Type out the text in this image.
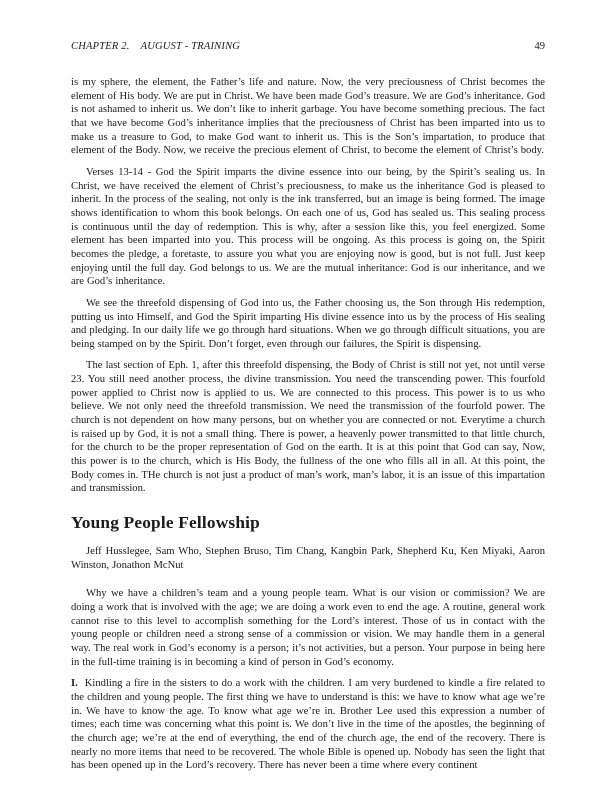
CHAPTER 2. AUGUST - TRAINING	49

is my sphere, the element, the Father’s life and nature. Now, the very preciousness of Christ becomes the element of His body. We are put in Christ. We have been made God’s treasure. We are God’s inheritance. God is not ashamed to inherit us. We don’t like to inherit garbage. You have become something precious. The fact that we have become God’s inheritance implies that the preciousness of Christ has been imparted into us to make us a treasure to God, to make God want to inherit us. This is the Son’s impartation, to produce that element of the Body. Now, we receive the precious element of Christ, to become the element of Christ’s body.

Verses 13-14 - God the Spirit imparts the divine essence into our being, by the Spirit’s sealing us. In Christ, we have received the element of Christ’s preciousness, to make us the inheritance God is pleased to inherit. In the process of the sealing, not only is the ink transferred, but an image is being formed. The image shows identification to whom this book belongs. On each one of us, God has sealed us. This sealing process is continuous until the day of redemption. This is why, after a session like this, you feel energized. Some element has been imparted into you. This process will be ongoing. As this process is going on, the Spirit becomes the pledge, a foretaste, to assure you what you are enjoying now is good, but is not full. Just keep enjoying until the full day. God belongs to us. We are the mutual inheritance: God is our inheritance, and we are God’s inheritance.

We see the threefold dispensing of God into us, the Father choosing us, the Son through His redemption, putting us into Himself, and God the Spirit imparting His divine essence into us by the process of His sealing and pledging. In our daily life we go through hard situations. When we go through difficult situations, you are being stamped on by the Spirit. Don’t forget, even through our failures, the Spirit is dispensing.

The last section of Eph. 1, after this threefold dispensing, the Body of Christ is still not yet, not until verse 23. You still need another process, the divine transmission. You need the transcending power. This fourfold power applied to Christ now is applied to us. We are connected to this process. This power is to us who believe. We not only need the threefold transmission. We need the transmission of the fourfold power. The church is not dependent on how many persons, but on whether you are connected or not. Everytime a church is raised up by God, it is not a small thing. There is power, a heavenly power transmitted to that little church, for the church to be the proper representation of God on the earth. It is at this point that God can say, Now, this power is to the church, which is His Body, the fullness of the one who fills all in all. At this point, the Body comes in. THe church is not just a product of man’s work, man’s labor, it is an issue of this impartation and transmission.

Young People Fellowship

Jeff Husslegee, Sam Who, Stephen Bruso, Tim Chang, Kangbin Park, Shepherd Ku, Ken Miyaki, Aaron Winston, Jonathon McNut

Why we have a children’s team and a young people team. What is our vision or commission? We are doing a work that is involved with the age; we are doing a work even to end the age. A routine, general work cannot rise to this level to accomplish something for the Lord’s interest. Those of us in contact with the young people or children need a strong sense of a commission or vision. We may handle them in a general way. The real work in God’s economy is a person; it’s not activities, but a person. Your purpose in being here in the full-time training is in becoming a kind of person in God’s economy.

I. Kindling a fire in the sisters to do a work with the children. I am very burdened to kindle a fire related to the children and young people. The first thing we have to understand is this: we have to know what age we’re in. We have to know the age. To know what age we’re in. Brother Lee used this expression a number of times; each time was concerning what this point is. We don’t live in the time of the apostles, the beginning of the church age; we’re at the end of everything, the end of the church age, the end of the recovery. There is nearly no more items that need to be recovered. The whole Bible is opened up. Nobody has seen the light that has been opened up in the Lord’s recovery. There has never been a time where every continent
